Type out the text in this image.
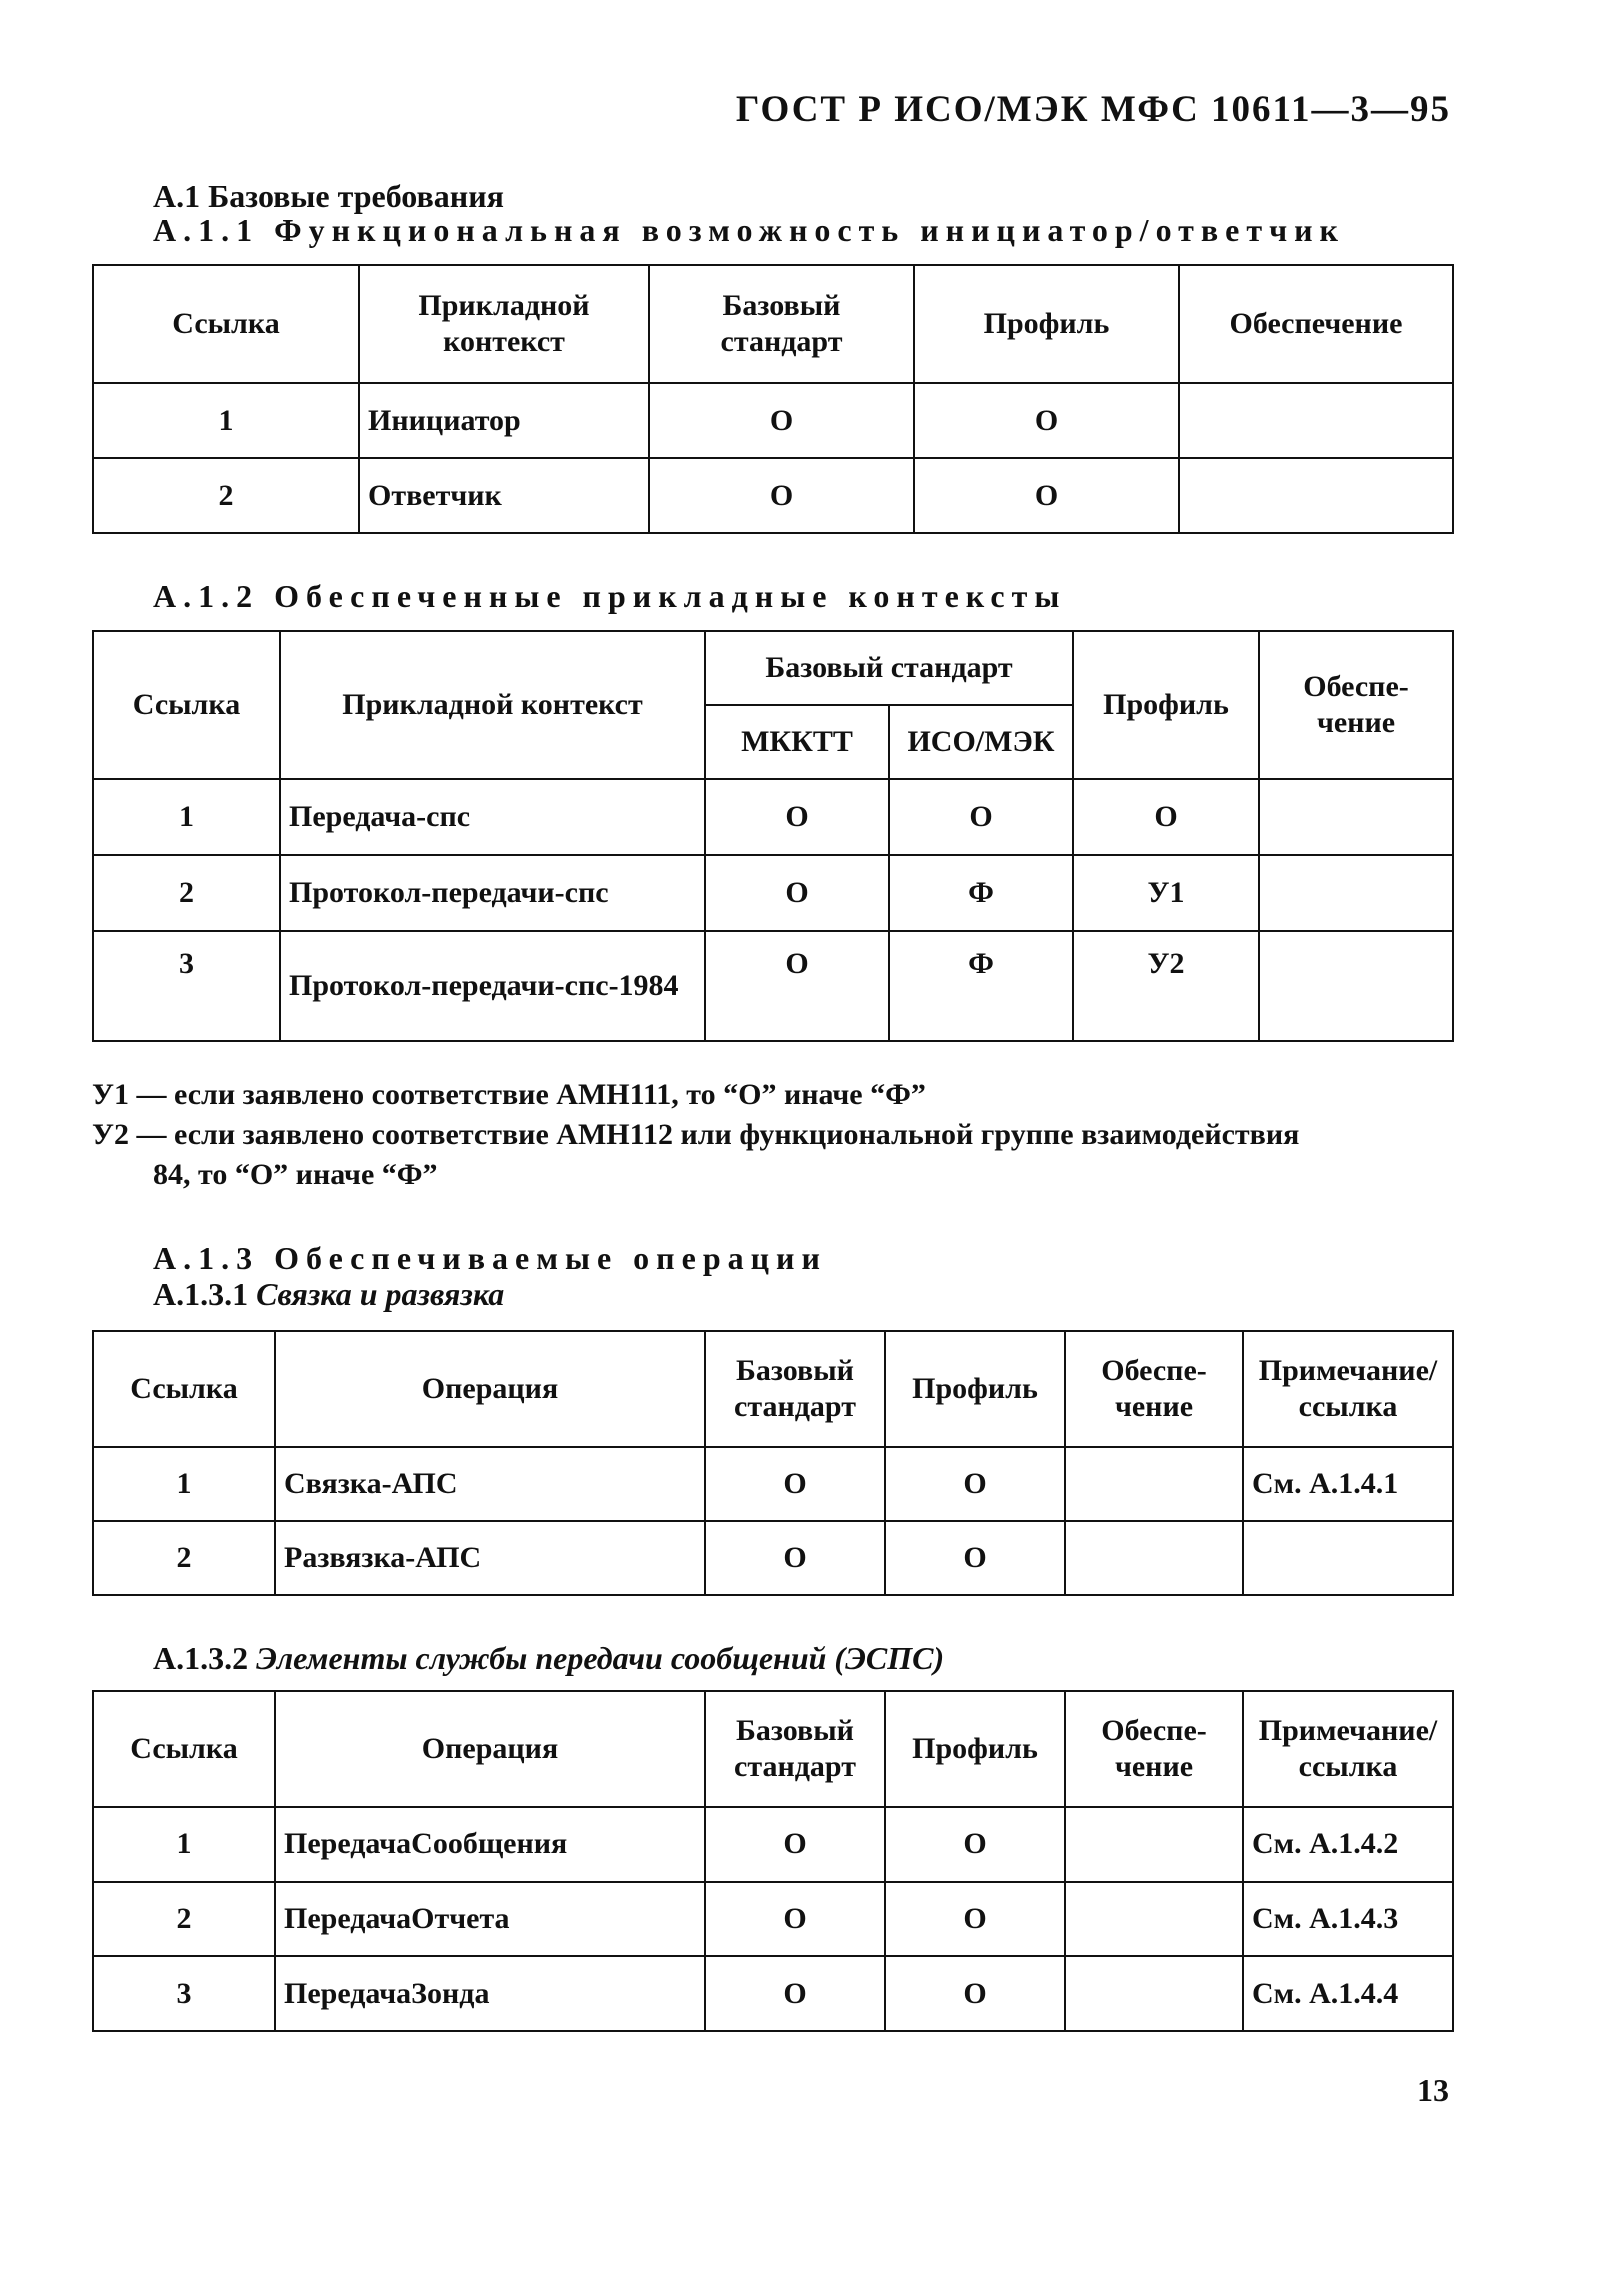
ГОСТ Р ИСО/МЭК МФС 10611—3—95
А.1 Базовые требования
А.1.1 Функциональная возможность инициатор/ответчик
Ссылка	Прикладной контекст	Базовый стандарт	Профиль	Обеспечение
1	Инициатор	О	О	
2	Ответчик	О	О	
А.1.2 Обеспеченные прикладные контексты
Ссылка	Прикладной контекст	Базовый стандарт		Профиль	Обеспе-чение
		МККТТ	ИСО/МЭК		
1	Передача-спс	О	О	О	
2	Протокол-передачи-спс	О	Ф	У1	
3	Протокол-передачи-спс-1984	О	Ф	У2	
У1 — если заявлено соответствие АМН111, то “О” иначе “Ф”
У2 — если заявлено соответствие АМН112 или функциональной группе взаимодействия
84, то “О” иначе “Ф”
А.1.3 Обеспечиваемые операции
А.1.3.1 Связка и развязка
Ссылка	Операция	Базовый стандарт	Профиль	Обеспе-чение	Примечание/ссылка
1	Связка-АПС	О	О		См. А.1.4.1
2	Развязка-АПС	О	О		
А.1.3.2 Элементы службы передачи сообщений (ЭСПС)
Ссылка	Операция	Базовый стандарт	Профиль	Обеспе-чение	Примечание/ссылка
1	ПередачаСообщения	О	О		См. А.1.4.2
2	ПередачаОтчета	О	О		См. А.1.4.3
3	ПередачаЗонда	О	О		См. А.1.4.4
13
